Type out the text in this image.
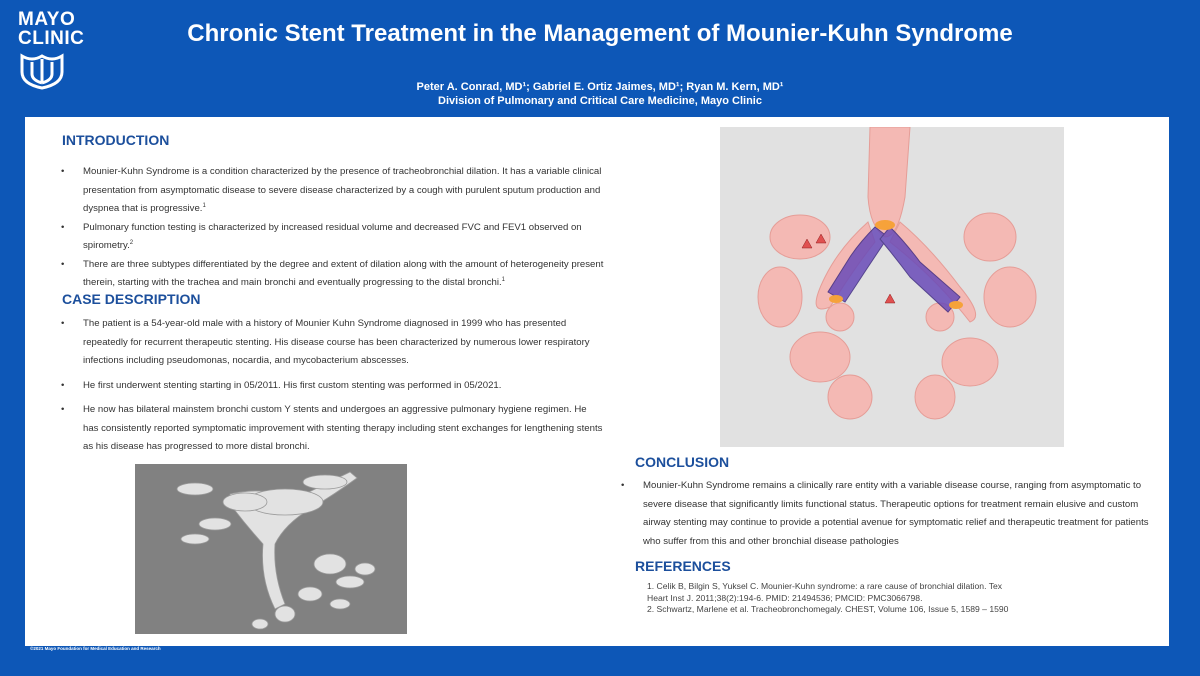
MAYO
CLINIC	Chronic Stent Treatment in the Management of Mounier-Kuhn Syndrome
Peter A. Conrad, MD¹; Gabriel E. Ortiz Jaimes, MD¹; Ryan M. Kern, MD¹
Division of Pulmonary and Critical Care Medicine, Mayo Clinic
INTRODUCTION
• Mounier-Kuhn Syndrome is a condition characterized by the presence of tracheobronchial dilation. It has a variable clinical presentation from asymptomatic disease to severe disease characterized by a cough with purulent sputum production and dyspnea that is progressive.$^1$
• Pulmonary function testing is characterized by increased residual volume and decreased FVC and FEV1 observed on spirometry.$^2$
• There are three subtypes differentiated by the degree and extent of dilation along with the amount of heterogeneity present therein, starting with the trachea and main bronchi and eventually progressing to the distal bronchi.$^1$
CASE DESCRIPTION
• The patient is a 54-year-old male with a history of Mounier Kuhn Syndrome diagnosed in 1999 who has presented repeatedly for recurrent therapeutic stenting. His disease course has been characterized by numerous lower respiratory infections including pseudomonas, nocardia, and mycobacterium abscesses.
• He first underwent stenting starting in 05/2011. His first custom stenting was performed in 05/2021.
• He now has bilateral mainstem bronchi custom Y stents and undergoes an aggressive pulmonary hygiene regimen. He has consistently reported symptomatic improvement with stenting therapy including stent exchanges for lengthening stents as his disease has progressed to more distal bronchi.
CONCLUSION
• Mounier-Kuhn Syndrome remains a clinically rare entity with a variable disease course, ranging from asymptomatic to severe disease that significantly limits functional status. Therapeutic options for treatment remain elusive and custom airway stenting may continue to provide a potential avenue for symptomatic relief and therapeutic treatment for patients who suffer from this and other bronchial disease pathologies
REFERENCES

1. Celik B, Bilgin S, Yuksel C. Mounier-Kuhn syndrome: a rare cause of bronchial dilation. Tex Heart Inst J. 2011;38(2):194-6. PMID: 21494536; PMCID: PMC3066798.

2. Schwartz, Marlene et al. Tracheobronchomegaly. CHEST, Volume 106, Issue 5, 1589 – 1590

©2021 Mayo Foundation for Medical Education and Research
